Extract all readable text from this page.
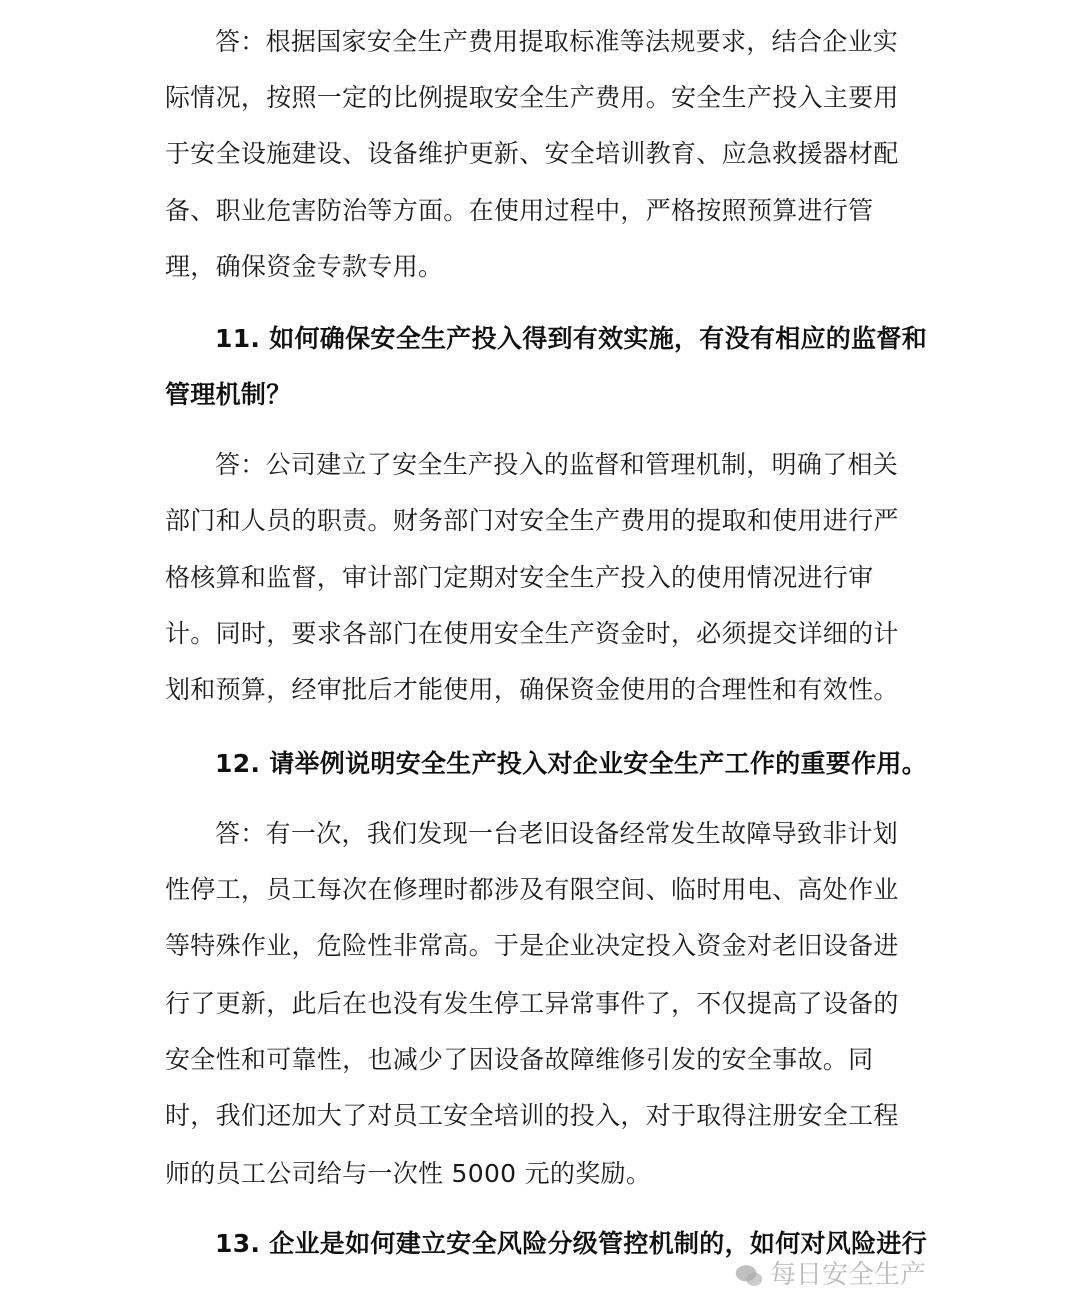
答：根据国家安全生产费用提取标准等法规要求，结合企业实
际情况，按照一定的比例提取安全生产费用。安全生产投入主要用
于安全设施建设、设备维护更新、安全培训教育、应急救援器材配
备、职业危害防治等方面。在使用过程中，严格按照预算进行管
理，确保资金专款专用。
11. 如何确保安全生产投入得到有效实施，有没有相应的监督和
管理机制？
答：公司建立了安全生产投入的监督和管理机制，明确了相关
部门和人员的职责。财务部门对安全生产费用的提取和使用进行严
格核算和监督，审计部门定期对安全生产投入的使用情况进行审
计。同时，要求各部门在使用安全生产资金时，必须提交详细的计
划和预算，经审批后才能使用，确保资金使用的合理性和有效性。
12. 请举例说明安全生产投入对企业安全生产工作的重要作用。
答：有一次，我们发现一台老旧设备经常发生故障导致非计划
性停工，员工每次在修理时都涉及有限空间、临时用电、高处作业
等特殊作业，危险性非常高。于是企业决定投入资金对老旧设备进
行了更新，此后在也没有发生停工异常事件了，不仅提高了设备的
安全性和可靠性，也减少了因设备故障维修引发的安全事故。同
时，我们还加大了对员工安全培训的投入，对于取得注册安全工程
师的员工公司给与一次性 5000 元的奖励。
13. 企业是如何建立安全风险分级管控机制的，如何对风险进行
每日安全生产
